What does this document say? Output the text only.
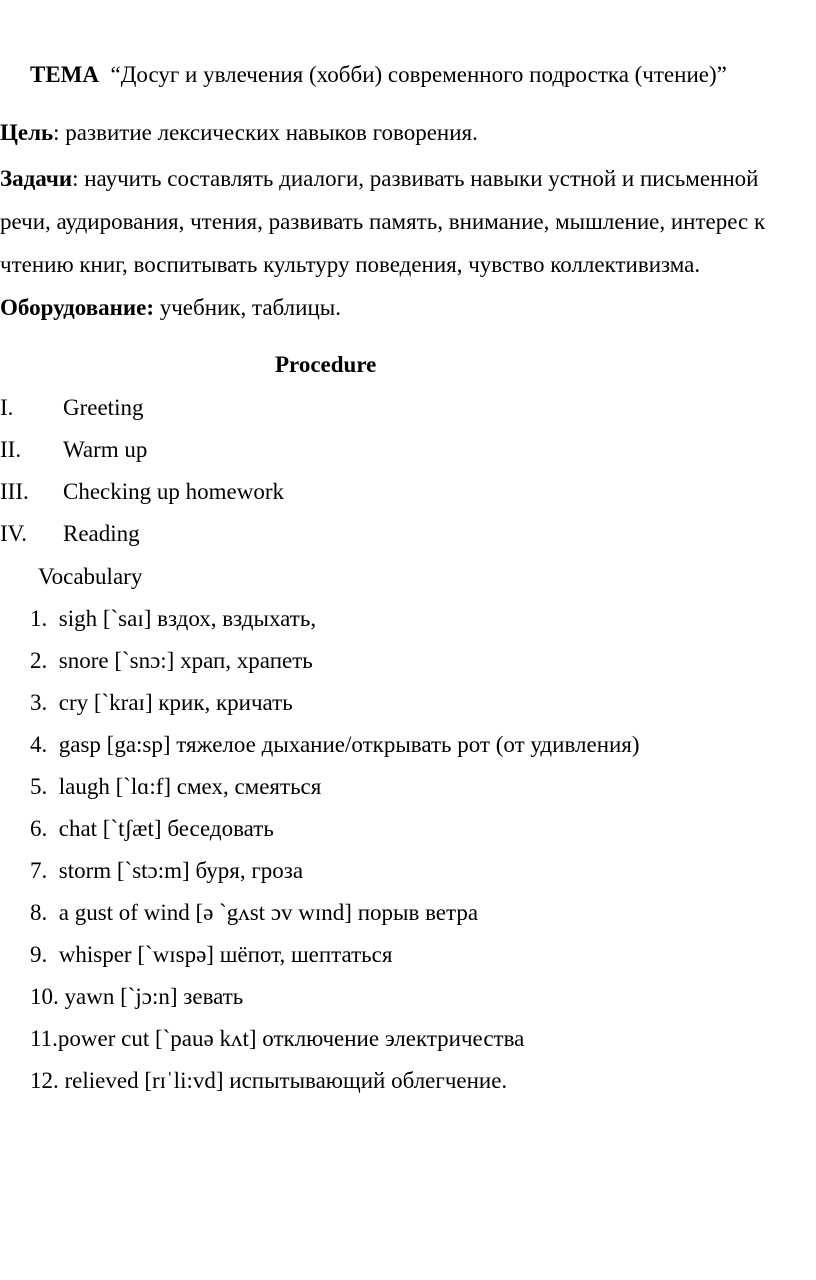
ТЕМА “Досуг и увлечения (хобби) современного подростка (чтение)”
Цель: развитие лексических навыков говорения.
Задачи: научить составлять диалоги, развивать навыки устной и письменной
речи, аудирования, чтения, развивать память, внимание, мышление, интерес к
чтению книг, воспитывать культуру поведения, чувство коллективизма.
Оборудование: учебник, таблицы.
Procedure
I. Greeting
II. Warm up
III. Checking up homework
IV. Reading
Vocabulary
1. sigh [`saɪ] вздох, вздыхать,
2. snore [`snɔ:] храп, храпеть
3. cry [`kraɪ] крик, кричать
4. gasp [ga:sp] тяжелое дыхание/открывать рот (от удивления)
5. laugh [`lɑ:f] смех, смеяться
6. chat [`tʃæt] беседовать
7. storm [`stɔ:m] буря, гроза
8. a gust of wind [ə `gʌst ɔv wɪnd] порыв ветра
9. whisper [`wɪspə] шёпот, шептаться
10. yawn [`jɔ:n] зевать
11.power cut [`pauə kʌt] отключение электричества
12. relieved [rɪˈli:vd] испытывающий облегчение.
